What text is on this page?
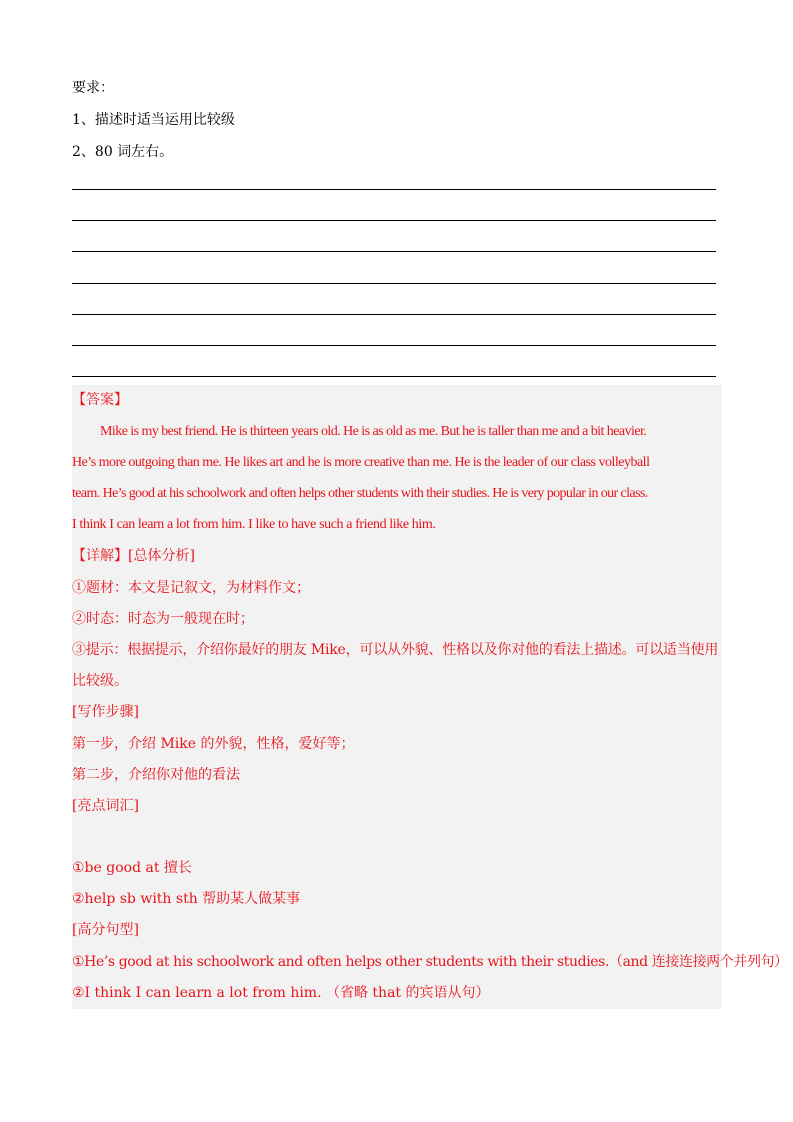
要求：
1、描述时适当运用比较级
2、80 词左右。
【答案】
Mike is my best friend. He is thirteen years old. He is as old as me. But he is taller than me and a bit heavier.
He’s more outgoing than me. He likes art and he is more creative than me. He is the leader of our class volleyball
team. He’s good at his schoolwork and often helps other students with their studies. He is very popular in our class.
I think I can learn a lot from him. I like to have such a friend like him.
【详解】[总体分析]
①题材：本文是记叙文，为材料作文；
②时态：时态为一般现在时；
③提示：根据提示，介绍你最好的朋友 Mike，可以从外貌、性格以及你对他的看法上描述。可以适当使用
比较级。
[写作步骤]
第一步，介绍 Mike 的外貌，性格，爱好等；
第二步，介绍你对他的看法
[亮点词汇]
①be good at 擅长
②help sb with sth 帮助某人做某事
[高分句型]
①He’s good at his schoolwork and often helps other students with their studies.（and 连接连接两个并列句）
②I think I can learn a lot from him. （省略 that 的宾语从句）
